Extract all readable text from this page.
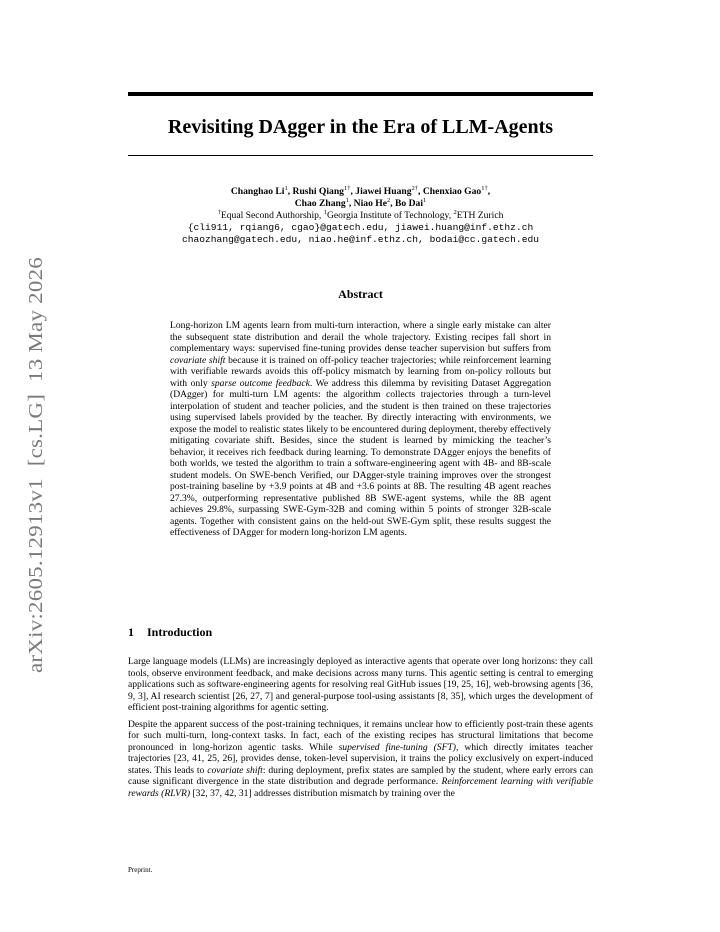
arXiv:2605.12913v1  [cs.LG]  13 May 2026
Revisiting DAgger in the Era of LLM-Agents
Changhao Li$^1$, Rushi Qiang$^{1\dagger}$, Jiawei Huang$^{2\dagger}$, Chenxiao Gao$^{1\dagger}$,
Chao Zhang$^1$, Niao He$^2$, Bo Dai$^1$
†Equal Second Authorship, $^1$Georgia Institute of Technology, $^2$ETH Zurich
{cli911, rqiang6, cgao}@gatech.edu, jiawei.huang@inf.ethz.ch
chaozhang@gatech.edu, niao.he@inf.ethz.ch, bodai@cc.gatech.edu
Abstract

Long-horizon LM agents learn from multi-turn interaction, where a single early mistake can alter the subsequent state distribution and derail the whole trajectory. Existing recipes fall short in complementary ways: supervised fine-tuning provides dense teacher supervision but suffers from covariate shift because it is trained on off-policy teacher trajectories; while reinforcement learning with verifiable rewards avoids this off-policy mismatch by learning from on-policy rollouts but with only sparse outcome feedback. We address this dilemma by revisiting Dataset Aggregation (DAgger) for multi-turn LM agents: the algorithm collects trajectories through a turn-level interpolation of student and teacher policies, and the student is then trained on these trajectories using supervised labels provided by the teacher. By directly interacting with environments, we expose the model to realistic states likely to be encountered during deployment, thereby effectively mitigating covariate shift. Besides, since the student is learned by mimicking the teacher’s behavior, it receives rich feedback during learning. To demonstrate DAgger enjoys the benefits of both worlds, we tested the algorithm to train a software-engineering agent with 4B- and 8B-scale student models. On SWE-bench Verified, our DAgger-style training improves over the strongest post-training baseline by +3.9 points at 4B and +3.6 points at 8B. The resulting 4B agent reaches 27.3%, outperforming representative published 8B SWE-agent systems, while the 8B agent achieves 29.8%, surpassing SWE-Gym-32B and coming within 5 points of stronger 32B-scale agents. Together with consistent gains on the held-out SWE-Gym split, these results suggest the effectiveness of DAgger for modern long-horizon LM agents.

1 Introduction

Large language models (LLMs) are increasingly deployed as interactive agents that operate over long horizons: they call tools, observe environment feedback, and make decisions across many turns. This agentic setting is central to emerging applications such as software-engineering agents for resolving real GitHub issues [19, 25, 16], web-browsing agents [36, 9, 3], AI research scientist [26, 27, 7] and general-purpose tool-using assistants [8, 35], which urges the development of efficient post-training algorithms for agentic setting.

Despite the apparent success of the post-training techniques, it remains unclear how to efficiently post-train these agents for such multi-turn, long-context tasks. In fact, each of the existing recipes has structural limitations that become pronounced in long-horizon agentic tasks. While supervised fine-tuning (SFT), which directly imitates teacher trajectories [23, 41, 25, 26], provides dense, token-level supervision, it trains the policy exclusively on expert-induced states. This leads to covariate shift: during deployment, prefix states are sampled by the student, where early errors can cause significant divergence in the state distribution and degrade performance. Reinforcement learning with verifiable rewards (RLVR) [32, 37, 42, 31] addresses distribution mismatch by training over the

Preprint.
